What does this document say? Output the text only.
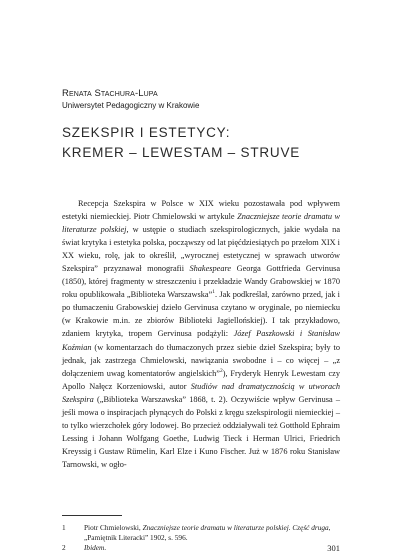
Renata Stachura-Lupa
Uniwersytet Pedagogiczny w Krakowie
SZEKSPIR I ESTETYCY:
KREMER – LEWESTAM – STRUVE

Recepcja Szekspira w Polsce w XIX wieku pozostawała pod wpływem estetyki niemieckiej. Piotr Chmielowski w artykule Znaczniejsze teorie dramatu w literaturze polskiej, w ustępie o studiach szekspirologicznych, jakie wydała na świat krytyka i estetyka polska, począwszy od lat pięćdziesiątych po przełom XIX i XX wieku, rolę, jak to określił, „wyrocznej estetycznej w sprawach utworów Szekspira” przyznawał monografii Shakespeare Georga Gottfrieda Gervinusa (1850), której fragmenty w streszczeniu i przekładzie Wandy Grabowskiej w 1870 roku opublikowała „Biblioteka Warszawska”$^1$. Jak podkreślał, zarówno przed, jak i po tłumaczeniu Grabowskiej dzieło Gervinusa czytano w oryginale, po niemiecku (w Krakowie m.in. ze zbiorów Biblioteki Jagiellońskiej). I tak przykładowo, zdaniem krytyka, tropem Gervinusa podążyli: Józef Paszkowski i Stanisław Koźmian (w komentarzach do tłumaczonych przez siebie dzieł Szekspira; były to jednak, jak zastrzega Chmielowski, nawiązania swobodne i – co więcej – „z dołączeniem uwag komentatorów angielskich”$^2$), Fryderyk Henryk Lewestam czy Apollo Nałęcz Korzeniowski, autor Studiów nad dramatycznością w utworach Szekspira („Biblioteka Warszawska” 1868, t. 2). Oczywiście wpływ Gervinusa – jeśli mowa o inspiracjach płynących do Polski z kręgu szekspirologii niemieckiej – to tylko wierzchołek góry lodowej. Bo przecież oddziaływali też Gotthold Ephraim Lessing i Johann Wolfgang Goethe, Ludwig Tieck i Herman Ulrici, Friedrich Kreyssig i Gustaw Rümelin, Karl Elze i Kuno Fischer. Już w 1876 roku Stanisław Tarnowski, w ogło-

1	Piotr Chmielowski, Znaczniejsze teorie dramatu w literaturze polskiej. Część druga, „Pamiętnik Literacki” 1902, s. 596.
2	Ibidem.	301
